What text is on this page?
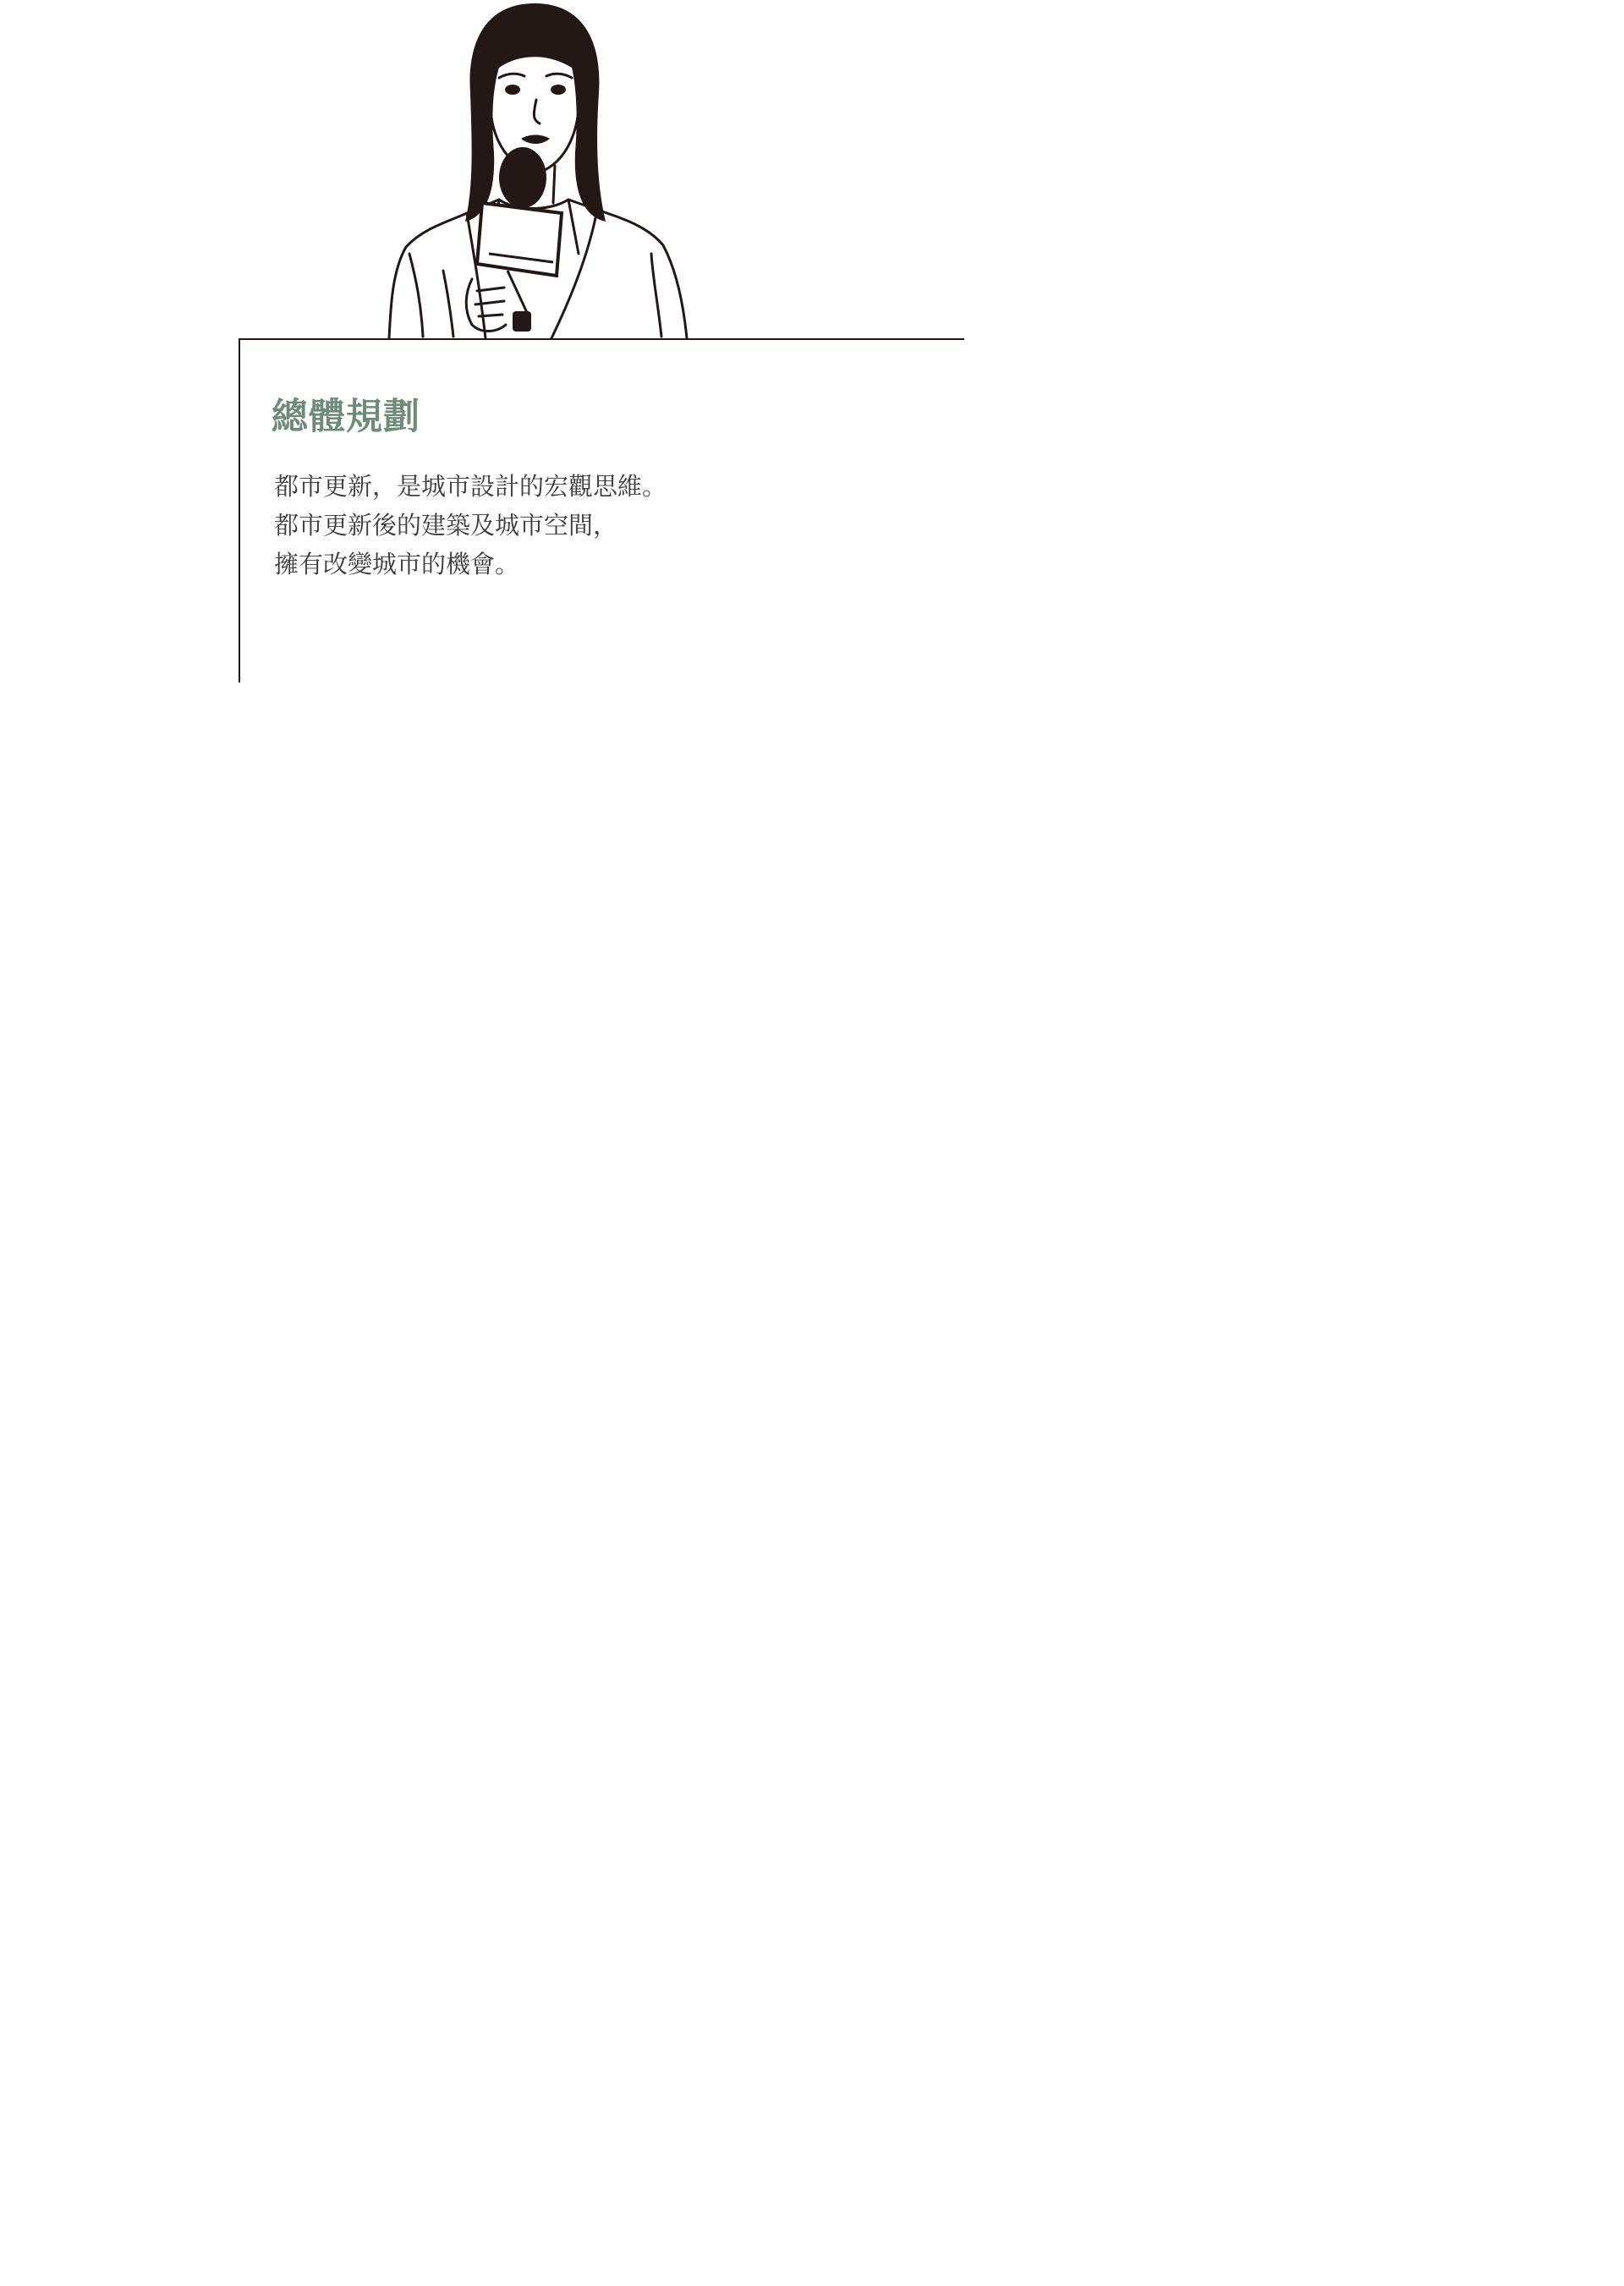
總體規劃

都市更新，是城市設計的宏觀思維。
都市更新後的建築及城市空間，
擁有改變城市的機會。
